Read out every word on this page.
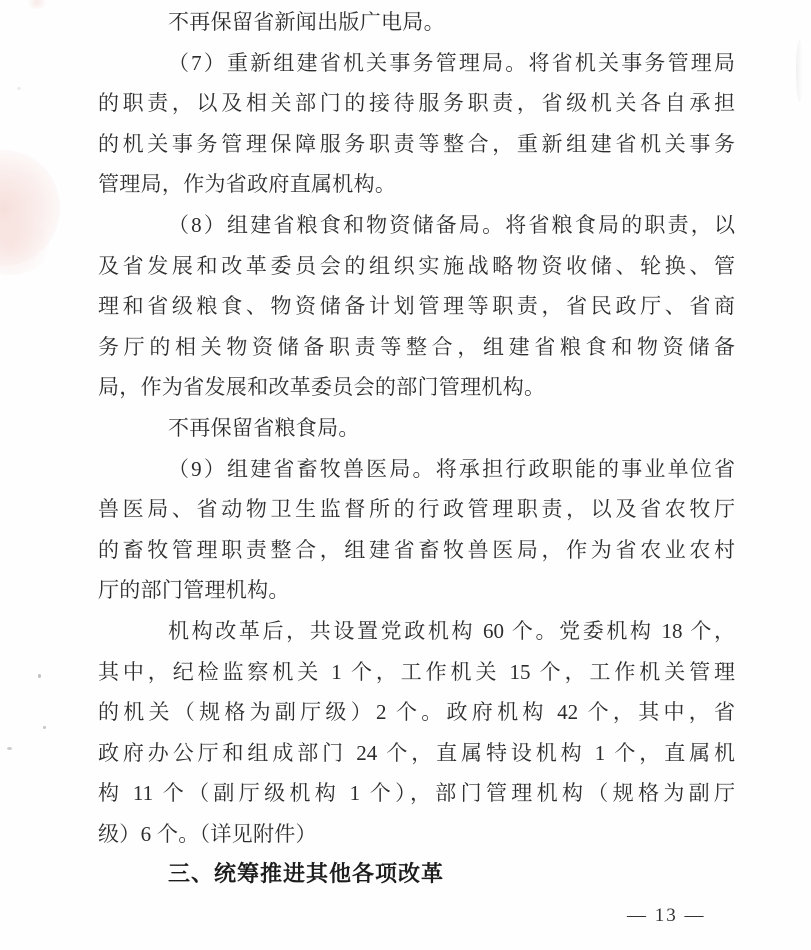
不再保留省新闻出版广电局。
（7）重新组建省机关事务管理局。将省机关事务管理局
的职责，以及相关部门的接待服务职责，省级机关各自承担
的机关事务管理保障服务职责等整合，重新组建省机关事务
管理局，作为省政府直属机构。
（8）组建省粮食和物资储备局。将省粮食局的职责，以
及省发展和改革委员会的组织实施战略物资收储、轮换、管
理和省级粮食、物资储备计划管理等职责，省民政厅、省商
务厅的相关物资储备职责等整合，组建省粮食和物资储备
局，作为省发展和改革委员会的部门管理机构。
不再保留省粮食局。
（9）组建省畜牧兽医局。将承担行政职能的事业单位省
兽医局、省动物卫生监督所的行政管理职责，以及省农牧厅
的畜牧管理职责整合，组建省畜牧兽医局，作为省农业农村
厅的部门管理机构。
机构改革后，共设置党政机构 60 个。党委机构 18 个，
其中，纪检监察机关 1 个，工作机关 15 个，工作机关管理
的机关（规格为副厅级）2 个。政府机构 42 个，其中，省
政府办公厅和组成部门 24 个，直属特设机构 1 个，直属机
构 11 个（副厅级机构 1 个），部门管理机构（规格为副厅
级）6 个。（详见附件）
三、统筹推进其他各项改革
— 13 —
